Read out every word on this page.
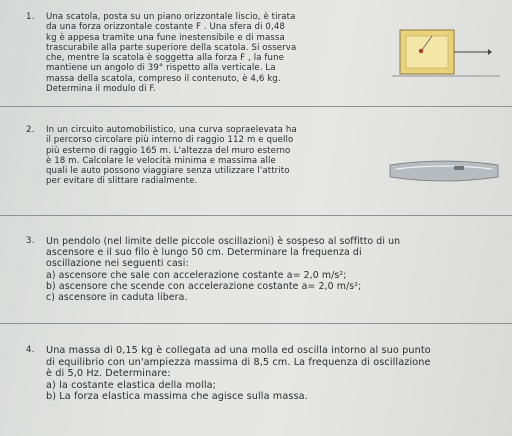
1. Una scatola, posta su un piano orizzontale liscio, è tirata
da una forza orizzontale costante F . Una sfera di 0,48
kg è appesa tramite una fune inestensibile e di massa
trascurabile alla parte superiore della scatola. Si osserva
che, mentre la scatola è soggetta alla forza F , la fune
mantiene un angolo di 39° rispetto alla verticale. La
massa della scatola, compreso il contenuto, è 4,6 kg.
Determina il modulo di F.
2. In un circuito automobilistico, una curva sopraelevata ha
il percorso circolare più interno di raggio 112 m e quello
più esterno di raggio 165 m. L'altezza del muro esterno
è 18 m. Calcolare le velocità minima e massima alle
quali le auto possono viaggiare senza utilizzare l'attrito
per evitare di slittare radialmente.
3. Un pendolo (nel limite delle piccole oscillazioni) è sospeso al soffitto di un
ascensore e il suo filo è lungo 50 cm. Determinare la frequenza di
oscillazione nei seguenti casi:
a) ascensore che sale con accelerazione costante a= 2,0 m/s²;
b) ascensore che scende con accelerazione costante a= 2,0 m/s²;
c) ascensore in caduta libera.
4. Una massa di 0,15 kg è collegata ad una molla ed oscilla intorno al suo punto
di equilibrio con un'ampiezza massima di 8,5 cm. La frequenza di oscillazione
è di 5,0 Hz. Determinare:
a) la costante elastica della molla;
b) La forza elastica massima che agisce sulla massa.
